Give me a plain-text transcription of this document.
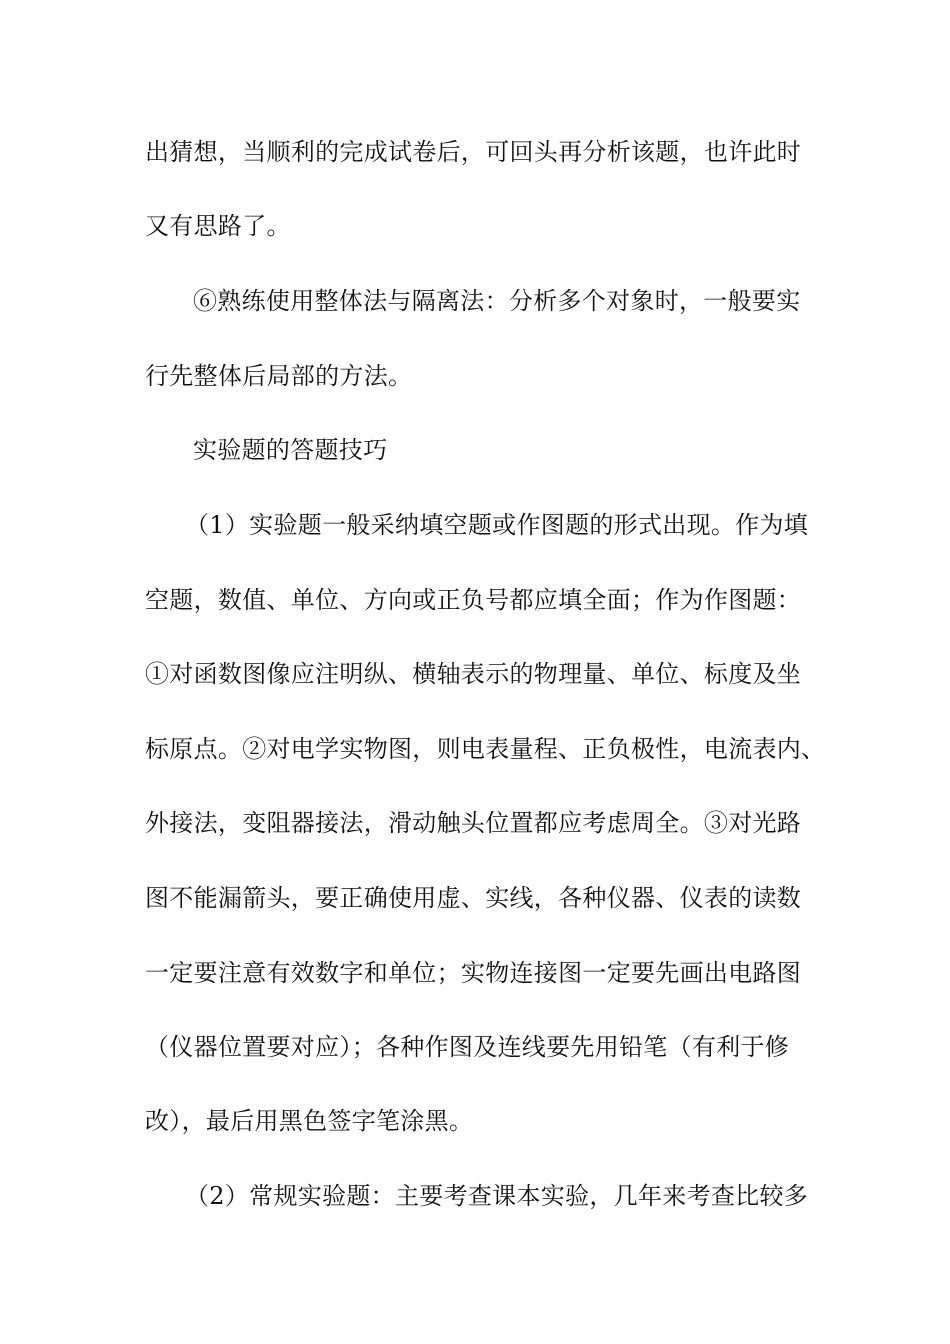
出猜想，当顺利的完成试卷后，可回头再分析该题，也许此时
又有思路了。
⑥熟练使用整体法与隔离法：分析多个对象时，一般要实
行先整体后局部的方法。
实验题的答题技巧
（1）实验题一般采纳填空题或作图题的形式出现。作为填
空题，数值、单位、方向或正负号都应填全面；作为作图题：
①对函数图像应注明纵、横轴表示的物理量、单位、标度及坐
标原点。②对电学实物图，则电表量程、正负极性，电流表内、
外接法，变阻器接法，滑动触头位置都应考虑周全。③对光路
图不能漏箭头，要正确使用虚、实线，各种仪器、仪表的读数
一定要注意有效数字和单位；实物连接图一定要先画出电路图
（仪器位置要对应）；各种作图及连线要先用铅笔（有利于修
改），最后用黑色签字笔涂黑。
（2）常规实验题：主要考查课本实验，几年来考查比较多
